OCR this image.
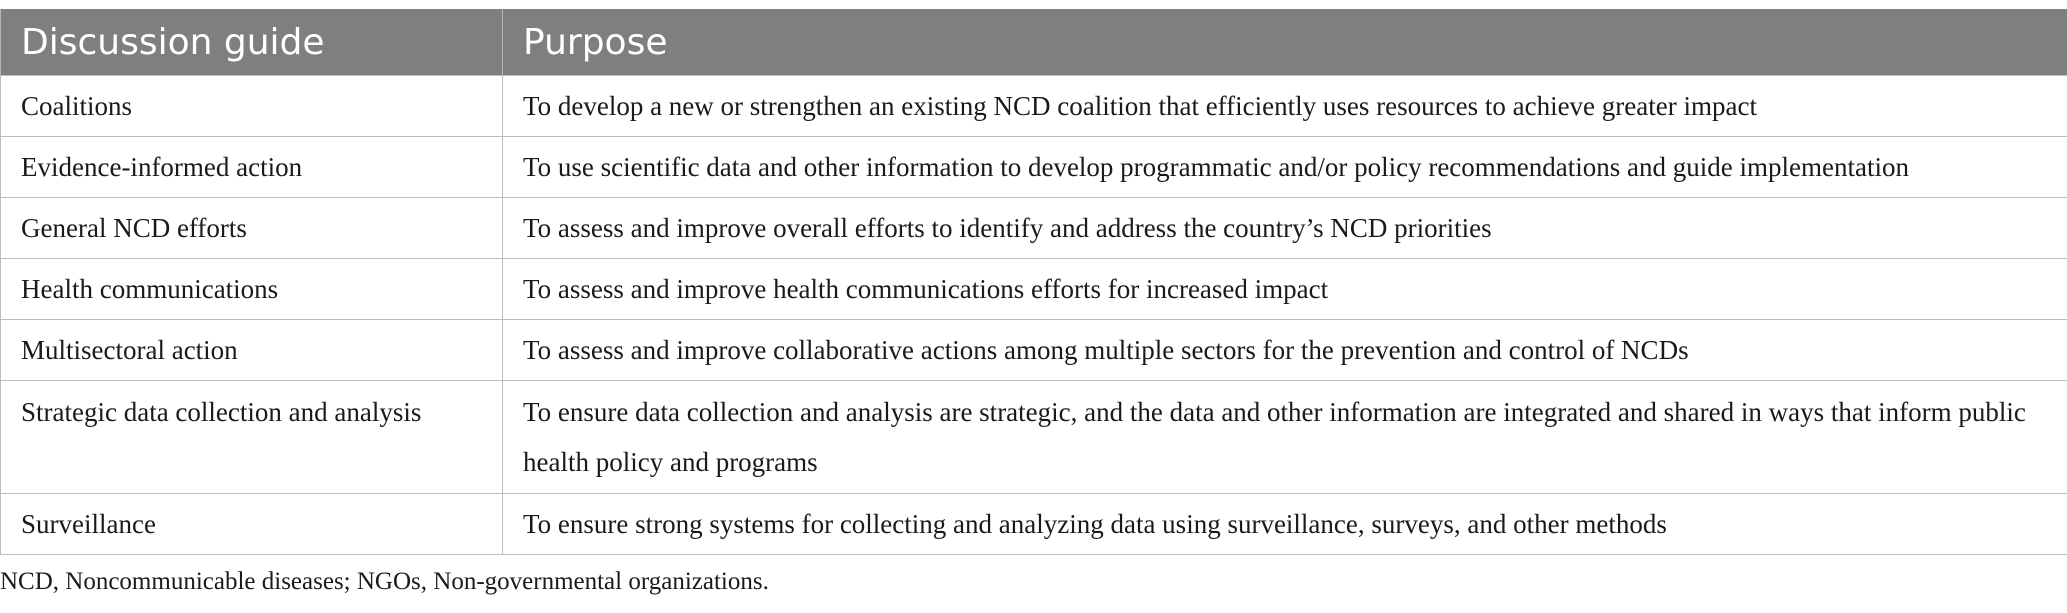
Discussion guide	Purpose
Coalitions	To develop a new or strengthen an existing NCD coalition that efficiently uses resources to achieve greater impact
Evidence-informed action	To use scientific data and other information to develop programmatic and/or policy recommendations and guide implementation
General NCD efforts	To assess and improve overall efforts to identify and address the country’s NCD priorities
Health communications	To assess and improve health communications efforts for increased impact
Multisectoral action	To assess and improve collaborative actions among multiple sectors for the prevention and control of NCDs
Strategic data collection and analysis	To ensure data collection and analysis are strategic, and the data and other information are integrated and shared in ways that inform public health policy and programs
Surveillance	To ensure strong systems for collecting and analyzing data using surveillance, surveys, and other methods
NCD, Noncommunicable diseases; NGOs, Non-governmental organizations.
